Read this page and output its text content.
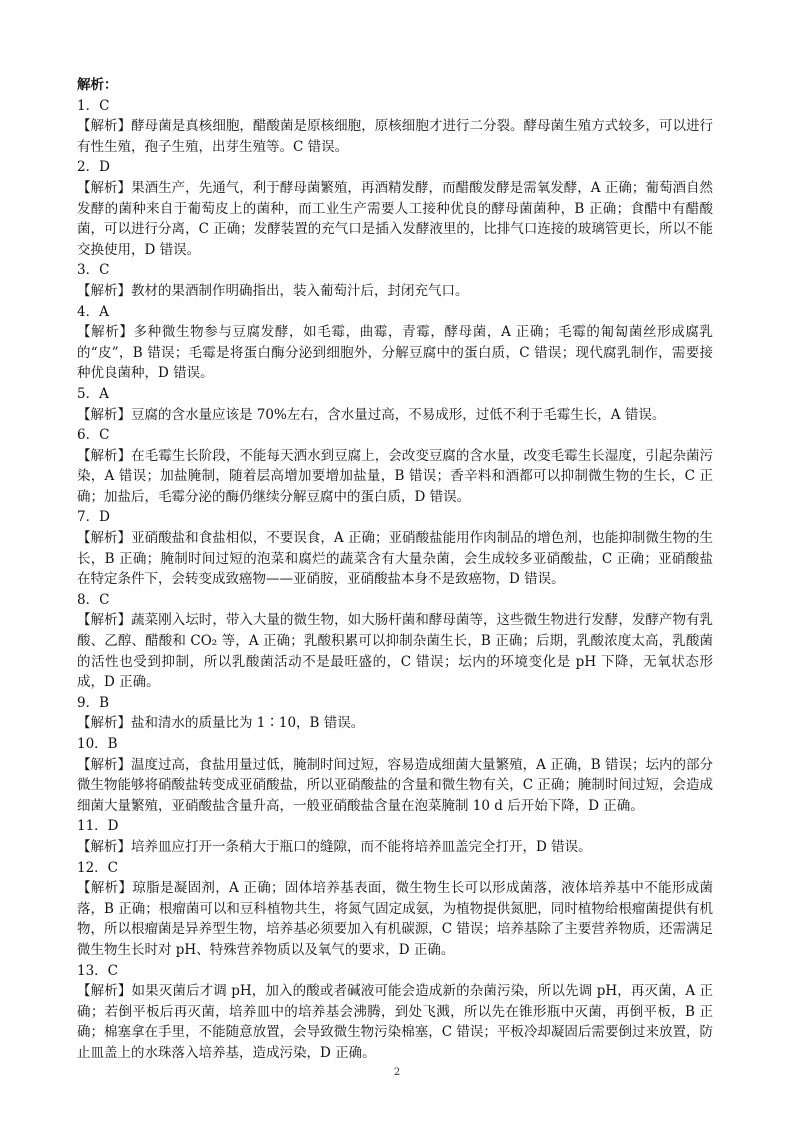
解析：
1．C
【解析】酵母菌是真核细胞，醋酸菌是原核细胞，原核细胞才进行二分裂。酵母菌生殖方式较多，可以进行有性生殖，孢子生殖，出芽生殖等。C 错误。
2．D
【解析】果酒生产，先通气，利于酵母菌繁殖，再酒精发酵，而醋酸发酵是需氧发酵，A 正确；葡萄酒自然发酵的菌种来自于葡萄皮上的菌种，而工业生产需要人工接种优良的酵母菌菌种，B 正确；食醋中有醋酸菌，可以进行分离，C 正确；发酵装置的充气口是插入发酵液里的，比排气口连接的玻璃管更长，所以不能交换使用，D 错误。
3．C
【解析】教材的果酒制作明确指出，装入葡萄汁后，封闭充气口。
4．A
【解析】多种微生物参与豆腐发酵，如毛霉，曲霉，青霉，酵母菌，A 正确；毛霉的匍匐菌丝形成腐乳的“皮”，B 错误；毛霉是将蛋白酶分泌到细胞外，分解豆腐中的蛋白质，C 错误；现代腐乳制作，需要接种优良菌种，D 错误。
5．A
【解析】豆腐的含水量应该是 70%左右，含水量过高，不易成形，过低不利于毛霉生长，A 错误。
6．C
【解析】在毛霉生长阶段，不能每天洒水到豆腐上，会改变豆腐的含水量，改变毛霉生长湿度，引起杂菌污染，A 错误；加盐腌制，随着层高增加要增加盐量，B 错误；香辛料和酒都可以抑制微生物的生长，C 正确；加盐后，毛霉分泌的酶仍继续分解豆腐中的蛋白质，D 错误。
7．D
【解析】亚硝酸盐和食盐相似，不要误食，A 正确；亚硝酸盐能用作肉制品的增色剂，也能抑制微生物的生长，B 正确；腌制时间过短的泡菜和腐烂的蔬菜含有大量杂菌，会生成较多亚硝酸盐，C 正确；亚硝酸盐在特定条件下，会转变成致癌物——亚硝胺，亚硝酸盐本身不是致癌物，D 错误。
8．C
【解析】蔬菜刚入坛时，带入大量的微生物，如大肠杆菌和酵母菌等，这些微生物进行发酵，发酵产物有乳酸、乙醇、醋酸和 CO₂ 等，A 正确；乳酸积累可以抑制杂菌生长，B 正确；后期，乳酸浓度太高，乳酸菌的活性也受到抑制，所以乳酸菌活动不是最旺盛的，C 错误；坛内的环境变化是 pH 下降，无氧状态形成，D 正确。
9．B
【解析】盐和清水的质量比为 1∶10，B 错误。
10．B
【解析】温度过高，食盐用量过低，腌制时间过短，容易造成细菌大量繁殖，A 正确，B 错误；坛内的部分微生物能够将硝酸盐转变成亚硝酸盐，所以亚硝酸盐的含量和微生物有关，C 正确；腌制时间过短，会造成细菌大量繁殖，亚硝酸盐含量升高，一般亚硝酸盐含量在泡菜腌制 10 d 后开始下降，D 正确。
11．D
【解析】培养皿应打开一条稍大于瓶口的缝隙，而不能将培养皿盖完全打开，D 错误。
12．C
【解析】琼脂是凝固剂，A 正确；固体培养基表面，微生物生长可以形成菌落，液体培养基中不能形成菌落，B 正确；根瘤菌可以和豆科植物共生，将氮气固定成氨，为植物提供氮肥，同时植物给根瘤菌提供有机物，所以根瘤菌是异养型生物，培养基必须要加入有机碳源，C 错误；培养基除了主要营养物质，还需满足微生物生长时对 pH、特殊营养物质以及氧气的要求，D 正确。
13．C
【解析】如果灭菌后才调 pH，加入的酸或者碱液可能会造成新的杂菌污染，所以先调 pH，再灭菌，A 正确；若倒平板后再灭菌，培养皿中的培养基会沸腾，到处飞溅，所以先在锥形瓶中灭菌，再倒平板，B 正确；棉塞拿在手里，不能随意放置，会导致微生物污染棉塞，C 错误；平板冷却凝固后需要倒过来放置，防止皿盖上的水珠落入培养基，造成污染，D 正确。
2
